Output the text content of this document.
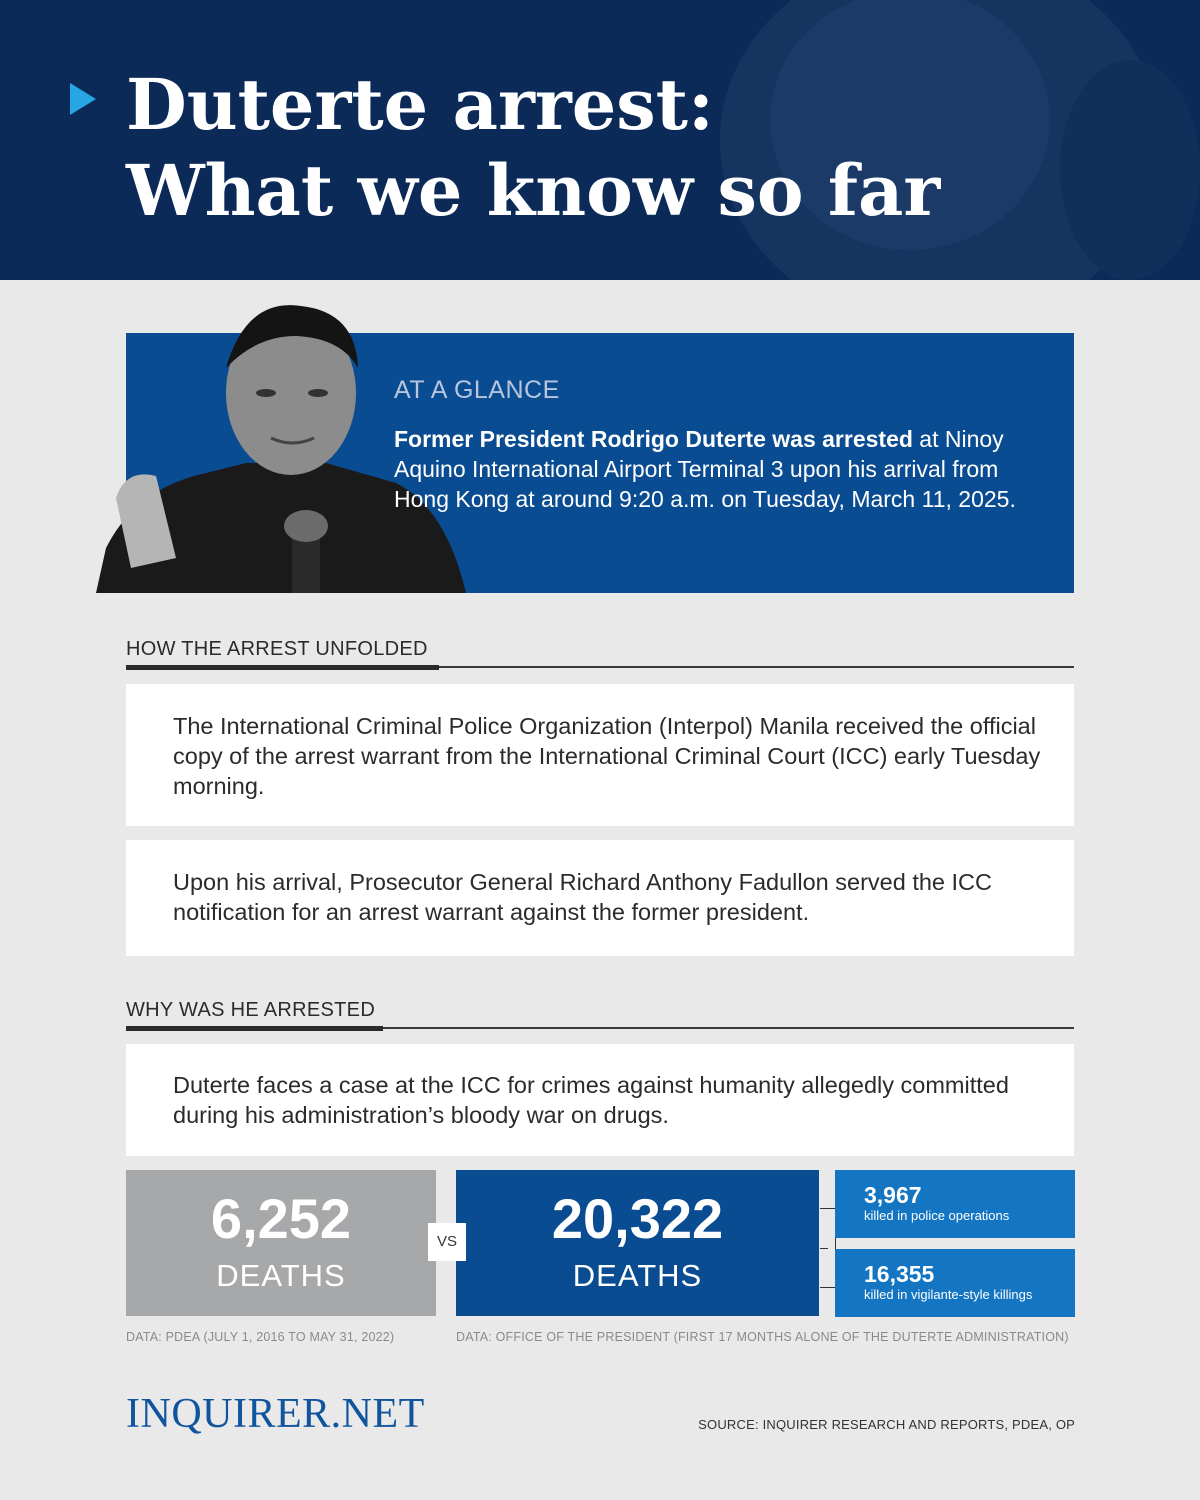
Duterte arrest:
What we know so far
AT A GLANCE
Former President Rodrigo Duterte was arrested at Ninoy Aquino International Airport Terminal 3 upon his arrival from Hong Kong at around 9:20 a.m. on Tuesday, March 11, 2025.
HOW THE ARREST UNFOLDED

The International Criminal Police Organization (Interpol) Manila received the official copy of the arrest warrant from the International Criminal Court (ICC) early Tuesday morning.

Upon his arrival, Prosecutor General Richard Anthony Fadullon served the ICC notification for an arrest warrant against the former president.

WHY WAS HE ARRESTED

Duterte faces a case at the ICC for crimes against humanity allegedly committed during his administration’s bloody war on drugs.

6,252
DEATHS
20,322
DEATHS
VS
3,967
killed in police operations
16,355
killed in vigilante-style killings
DATA: PDEA (JULY 1, 2016 TO MAY 31, 2022)	DATA: OFFICE OF THE PRESIDENT (FIRST 17 MONTHS ALONE OF THE DUTERTE ADMINISTRATION)
INQUIRER.NET	SOURCE: INQUIRER RESEARCH AND REPORTS, PDEA, OP
